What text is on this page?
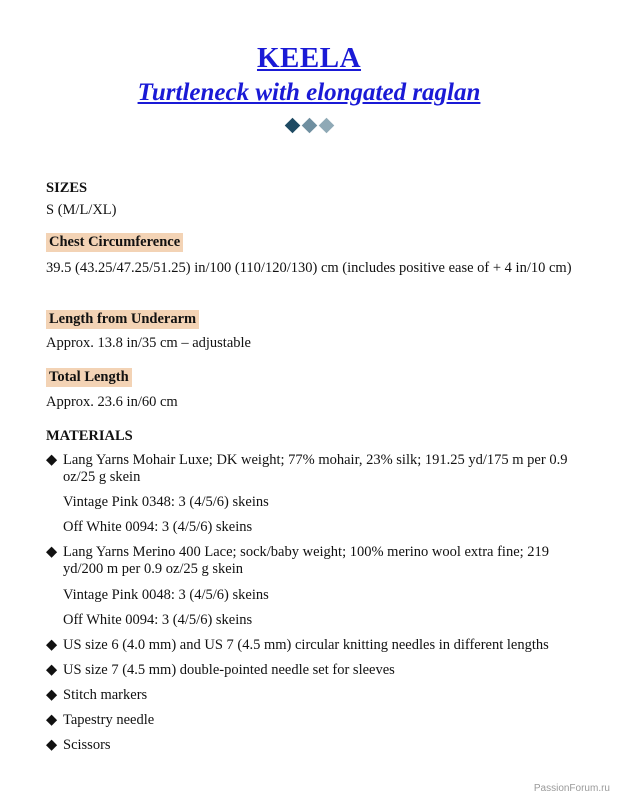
KEELA
Turtleneck with elongated raglan
SIZES
S (M/L/XL)
Chest Circumference
39.5 (43.25/47.25/51.25) in/100 (110/120/130) cm (includes positive ease of + 4 in/10 cm)
Length from Underarm
Approx. 13.8 in/35 cm – adjustable
Total Length
Approx. 23.6 in/60 cm
MATERIALS
◆ Lang Yarns Mohair Luxe; DK weight; 77% mohair, 23% silk; 191.25 yd/175 m per 0.9 oz/25 g skein
Vintage Pink 0348: 3 (4/5/6) skeins
Off White 0094: 3 (4/5/6) skeins
◆ Lang Yarns Merino 400 Lace; sock/baby weight; 100% merino wool extra fine; 219 yd/200 m per 0.9 oz/25 g skein
Vintage Pink 0048: 3 (4/5/6) skeins
Off White 0094: 3 (4/5/6) skeins
◆ US size 6 (4.0 mm) and US 7 (4.5 mm) circular knitting needles in different lengths
◆ US size 7 (4.5 mm) double-pointed needle set for sleeves
◆ Stitch markers
◆ Tapestry needle
◆ Scissors
PassionForum.ru
